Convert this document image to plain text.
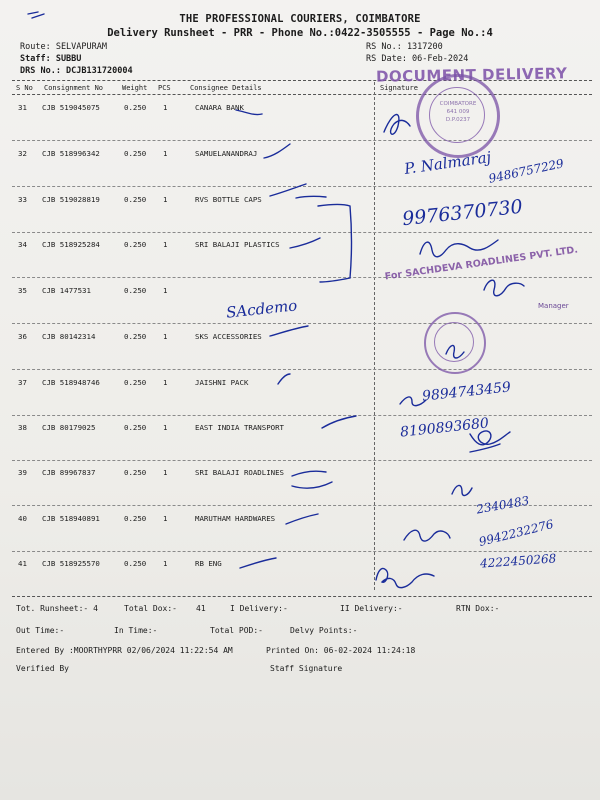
THE PROFESSIONAL COURIERS, COIMBATORE
Delivery Runsheet - PRR - Phone No.:0422-3505555 - Page No.:4
Route: SELVAPURAM
Staff: SUBBU
DRS No.: DCJB131720004
RS No.: 1317200
RS Date: 06-Feb-2024
S No Consignment No	Weight PCS	Consignee Details	Signature
31 CJB 519045075	0.250 1	CANARA BANK
32 CJB 518996342	0.250 1	SAMUELANANDRAJ
33 CJB 519028819	0.250 1	RVS BOTTLE CAPS
34 CJB 518925284	0.250 1	SRI BALAJI PLASTICS
35 CJB 1477531	0.250 1
36 CJB 80142314	0.250 1	SKS ACCESSORIES
37 CJB 518948746	0.250 1	JAISHNI PACK
38 CJB 80179025	0.250 1	EAST INDIA TRANSPORT
39 CJB 89967837	0.250 1	SRI BALAJI ROADLINES
40 CJB 518940891	0.250 1	MARUTHAM HARDWARES
41 CJB 518925570	0.250 1	RB ENG
Tot. Runsheet:- 4	Total Dox:- 41	I Delivery:-	II Delivery:-	RTN Dox:-
Out Time:-	In Time:-	Total POD:-	Delvy Points:-
Entered By :MOORTHYPRR 02/06/2024 11:22:54 AM	Printed On: 06-02-2024 11:24:18
Verified By	Staff Signature
DOCUMENT DELIVERY
COIMBATORE
641 009
D.P.0237
For SACHDEVA ROADLINES PVT. LTD.
Manager
P. Nalmaraj
9486757229
9976370730
SAcdemo
9894743459
8190893680
2340483
9942232276
4222450268
